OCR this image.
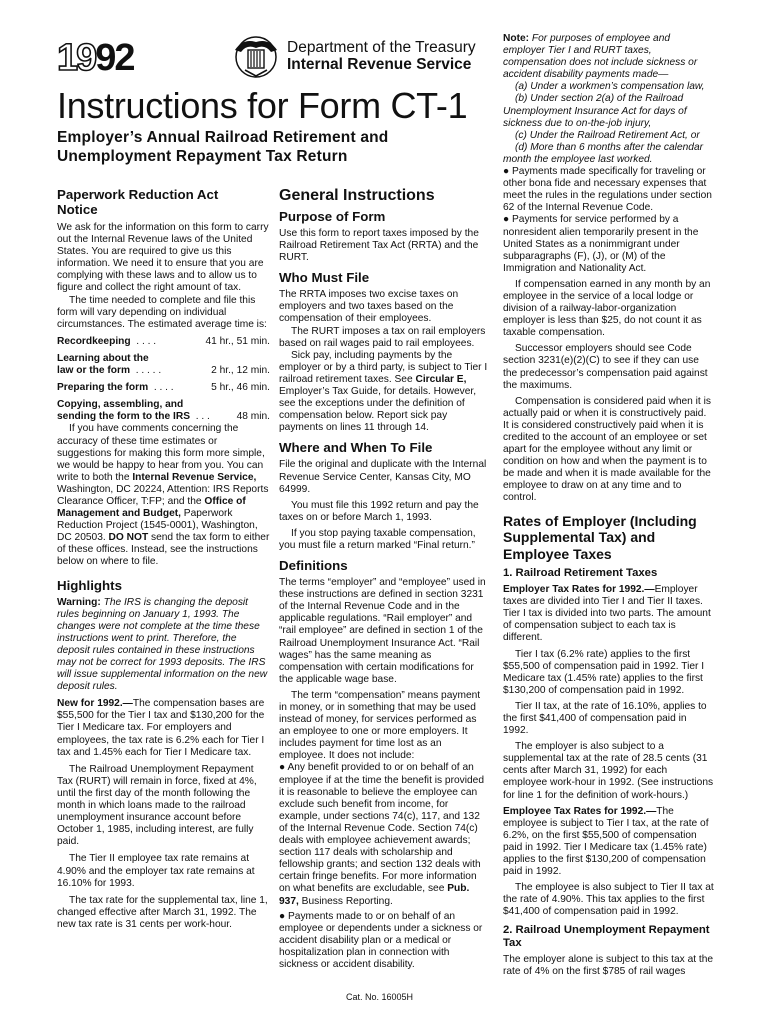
1992	Department of the Treasury
Internal Revenue Service
Instructions for Form CT-1
Employer’s Annual Railroad Retirement and
Unemployment Repayment Tax Return
Paperwork Reduction Act
Notice

We ask for the information on this form to carry out the Internal Revenue laws of the United States. You are required to give us this information. We need it to ensure that you are complying with these laws and to allow us to figure and collect the right amount of tax.

The time needed to complete and file this form will vary depending on individual circumstances. The estimated average time is:

Recordkeeping . . . .	41 hr., 51 min.
Learning about the
law or the form . . . . .	2 hr., 12 min.
Preparing the form . . . .	5 hr., 46 min.
Copying, assembling, and
sending the form to the IRS . . .	48 min.

If you have comments concerning the accuracy of these time estimates or suggestions for making this form more simple, we would be happy to hear from you. You can write to both the Internal Revenue Service, Washington, DC 20224, Attention: IRS Reports Clearance Officer, T:FP; and the Office of Management and Budget, Paperwork Reduction Project (1545-0001), Washington, DC 20503. DO NOT send the tax form to either of these offices. Instead, see the instructions below on where to file.

Highlights

Warning: The IRS is changing the deposit rules beginning on January 1, 1993. The changes were not complete at the time these instructions went to print. Therefore, the deposit rules contained in these instructions may not be correct for 1993 deposits. The IRS will issue supplemental information on the new deposit rules.

New for 1992.—The compensation bases are $55,500 for the Tier I tax and $130,200 for the Tier I Medicare tax. For employers and employees, the tax rate is 6.2% each for Tier I tax and 1.45% each for Tier I Medicare tax.

The Railroad Unemployment Repayment Tax (RURT) will remain in force, fixed at 4%, until the first day of the month following the month in which loans made to the railroad unemployment insurance account before October 1, 1985, including interest, are fully paid.

The Tier II employee tax rate remains at 4.90% and the employer tax rate remains at 16.10% for 1993.

The tax rate for the supplemental tax, line 1, changed effective after March 31, 1992. The new tax rate is 31 cents per work-hour.

General Instructions
Purpose of Form

Use this form to report taxes imposed by the Railroad Retirement Tax Act (RRTA) and the RURT.

Who Must File

The RRTA imposes two excise taxes on employers and two taxes based on the compensation of their employees.

The RURT imposes a tax on rail employers based on rail wages paid to rail employees.

Sick pay, including payments by the employer or by a third party, is subject to Tier I railroad retirement taxes. See Circular E, Employer’s Tax Guide, for details. However, see the exceptions under the definition of compensation below. Report sick pay payments on lines 11 through 14.

Where and When To File

File the original and duplicate with the Internal Revenue Service Center, Kansas City, MO 64999.

You must file this 1992 return and pay the taxes on or before March 1, 1993.

If you stop paying taxable compensation, you must file a return marked “Final return.”

Definitions

The terms “employer” and “employee” used in these instructions are defined in section 3231 of the Internal Revenue Code and in the applicable regulations. “Rail employer” and “rail employee” are defined in section 1 of the Railroad Unemployment Insurance Act. “Rail wages” has the same meaning as compensation with certain modifications for the applicable wage base.

The term “compensation” means payment in money, or in something that may be used instead of money, for services performed as an employee to one or more employers. It includes payment for time lost as an employee. It does not include:

● Any benefit provided to or on behalf of an employee if at the time the benefit is provided it is reasonable to believe the employee can exclude such benefit from income, for example, under sections 74(c), 117, and 132 of the Internal Revenue Code. Section 74(c) deals with employee achievement awards; section 117 deals with scholarship and fellowship grants; and section 132 deals with certain fringe benefits. For more information on what benefits are excludable, see Pub. 937, Business Reporting.

● Payments made to or on behalf of an employee or dependents under a sickness or accident disability plan or a medical or hospitalization plan in connection with sickness or accident disability.

Note: For purposes of employee and employer Tier I and RURT taxes, compensation does not include sickness or accident disability payments made—

(a) Under a workmen’s compensation law,

(b) Under section 2(a) of the Railroad Unemployment Insurance Act for days of sickness due to on-the-job injury,

(c) Under the Railroad Retirement Act, or

(d) More than 6 months after the calendar month the employee last worked.

● Payments made specifically for traveling or other bona fide and necessary expenses that meet the rules in the regulations under section 62 of the Internal Revenue Code.

● Payments for service performed by a nonresident alien temporarily present in the United States as a nonimmigrant under subparagraphs (F), (J), or (M) of the Immigration and Nationality Act.

If compensation earned in any month by an employee in the service of a local lodge or division of a railway-labor-organization employer is less than $25, do not count it as taxable compensation.

Successor employers should see Code section 3231(e)(2)(C) to see if they can use the predecessor’s compensation paid against the maximums.

Compensation is considered paid when it is actually paid or when it is constructively paid. It is considered constructively paid when it is credited to the account of an employee or set apart for the employee without any limit or condition on how and when the payment is to be made and when it is made available for the employee to draw on at any time and to control.

Rates of Employer (Including Supplemental Tax) and Employee Taxes
1. Railroad Retirement Taxes

Employer Tax Rates for 1992.—Employer taxes are divided into Tier I and Tier II taxes. Tier I tax is divided into two parts. The amount of compensation subject to each tax is different.

Tier I tax (6.2% rate) applies to the first $55,500 of compensation paid in 1992. Tier I Medicare tax (1.45% rate) applies to the first $130,200 of compensation paid in 1992.

Tier II tax, at the rate of 16.10%, applies to the first $41,400 of compensation paid in 1992.

The employer is also subject to a supplemental tax at the rate of 28.5 cents (31 cents after March 31, 1992) for each employee work-hour in 1992. (See instructions for line 1 for the definition of work-hours.)

Employee Tax Rates for 1992.—The employee is subject to Tier I tax, at the rate of 6.2%, on the first $55,500 of compensation paid in 1992. Tier I Medicare tax (1.45% rate) applies to the first $130,200 of compensation paid in 1992.

The employee is also subject to Tier II tax at the rate of 4.90%. This tax applies to the first $41,400 of compensation paid in 1992.

2. Railroad Unemployment Repayment Tax

The employer alone is subject to this tax at the rate of 4% on the first $785 of rail wages

Cat. No. 16005H
